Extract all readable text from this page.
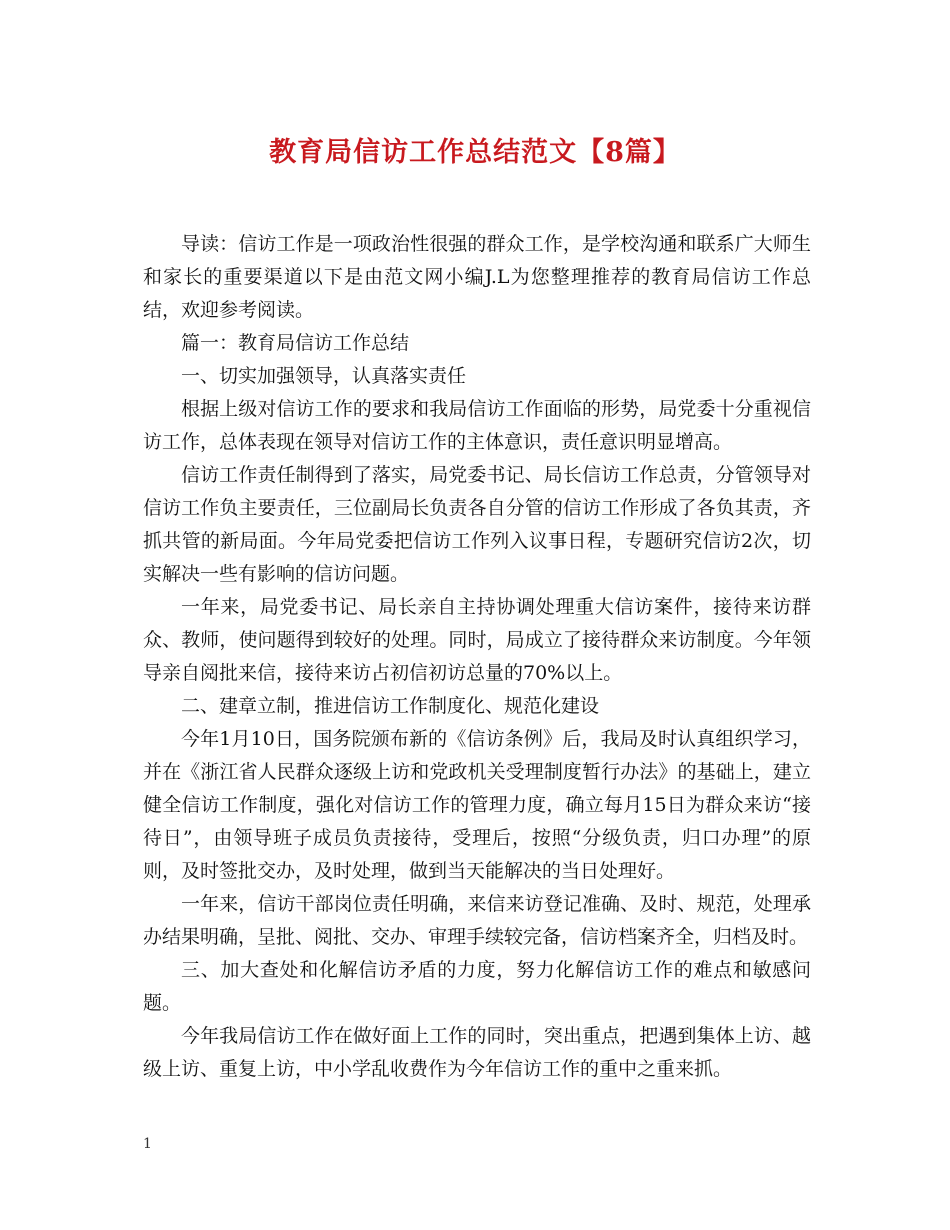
教育局信访工作总结范文【8篇】

导读：信访工作是一项政治性很强的群众工作，是学校沟通和联系广大师生和家长的重要渠道以下是由范文网小编J.L为您整理推荐的教育局信访工作总结，欢迎参考阅读。

篇一：教育局信访工作总结

一、切实加强领导，认真落实责任

根据上级对信访工作的要求和我局信访工作面临的形势，局党委十分重视信访工作，总体表现在领导对信访工作的主体意识，责任意识明显增高。

信访工作责任制得到了落实，局党委书记、局长信访工作总责，分管领导对信访工作负主要责任，三位副局长负责各自分管的信访工作形成了各负其责，齐抓共管的新局面。今年局党委把信访工作列入议事日程，专题研究信访2次，切实解决一些有影响的信访问题。

一年来，局党委书记、局长亲自主持协调处理重大信访案件，接待来访群众、教师，使问题得到较好的处理。同时，局成立了接待群众来访制度。今年领导亲自阅批来信，接待来访占初信初访总量的70%以上。

二、建章立制，推进信访工作制度化、规范化建设

今年1月10日，国务院颁布新的《信访条例》后，我局及时认真组织学习，并在《浙江省人民群众逐级上访和党政机关受理制度暂行办法》的基础上，建立健全信访工作制度，强化对信访工作的管理力度，确立每月15日为群众来访“接待日”，由领导班子成员负责接待，受理后，按照“分级负责，归口办理”的原则，及时签批交办，及时处理，做到当天能解决的当日处理好。

一年来，信访干部岗位责任明确，来信来访登记准确、及时、规范，处理承办结果明确，呈批、阅批、交办、审理手续较完备，信访档案齐全，归档及时。

三、加大查处和化解信访矛盾的力度，努力化解信访工作的难点和敏感问题。

今年我局信访工作在做好面上工作的同时，突出重点，把遇到集体上访、越级上访、重复上访，中小学乱收费作为今年信访工作的重中之重来抓。

1
